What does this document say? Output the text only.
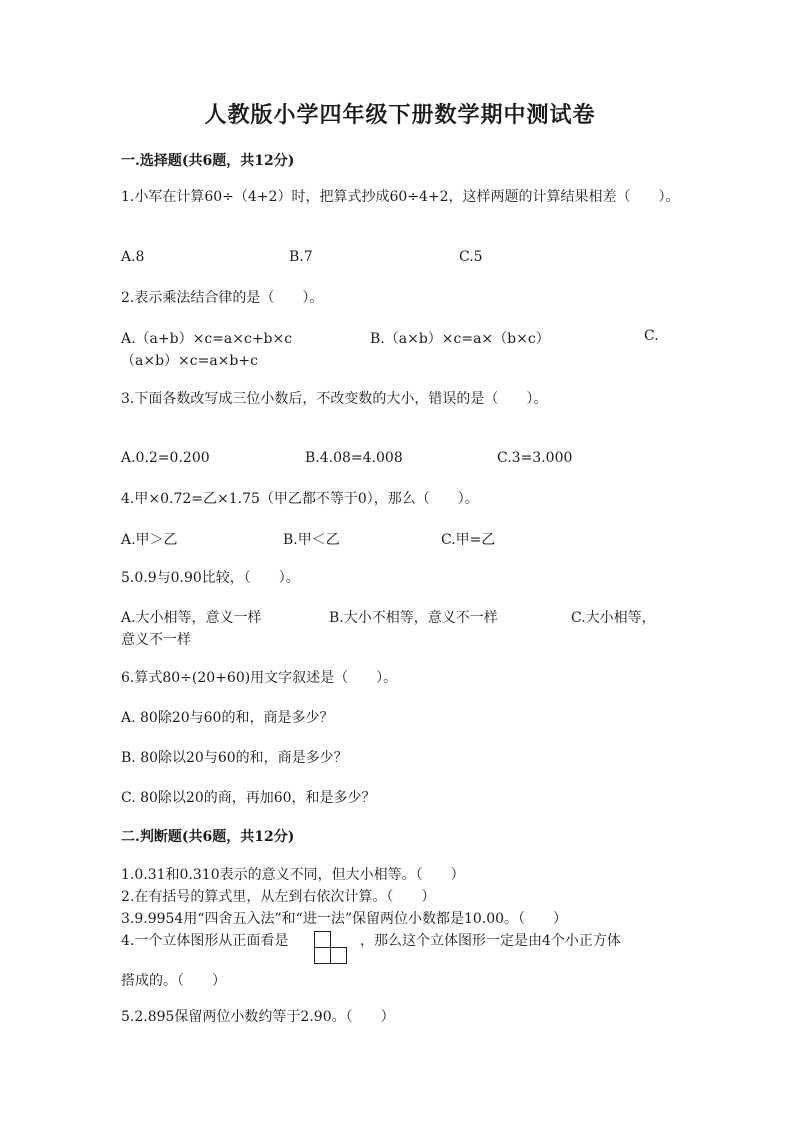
人教版小学四年级下册数学期中测试卷
一.选择题(共6题，共12分)
1.小军在计算60÷（4+2）时，把算式抄成60÷4+2，这样两题的计算结果相差（　　）。
A.8	B.7	C.5
2.表示乘法结合律的是（　　）。
A.（a+b）×c=a×c+b×c	B.（a×b）×c=a×（b×c）	C.
（a×b）×c=a×b+c
3.下面各数改写成三位小数后，不改变数的大小，错误的是（　　）。
A.0.2=0.200	B.4.08=4.008	C.3=3.000
4.甲×0.72=乙×1.75（甲乙都不等于0），那么（　　）。
A.甲＞乙	B.甲＜乙	C.甲=乙
5.0.9与0.90比较，（　　）。
A.大小相等，意义一样	B.大小不相等，意义不一样	C.大小相等，
意义不一样
6.算式80÷(20+60)用文字叙述是（　　）。
A. 80除20与60的和，商是多少？
B. 80除以20与60的和，商是多少？
C. 80除以20的商，再加60，和是多少？
二.判断题(共6题，共12分)
1.0.31和0.310表示的意义不同，但大小相等。（　　）
2.在有括号的算式里，从左到右依次计算。（　　）
3.9.9954用“四舍五入法”和“进一法”保留两位小数都是10.00。（　　）
4.一个立体图形从正面看是	，那么这个立体图形一定是由4个小正方体
搭成的。（　　）
5.2.895保留两位小数约等于2.90。（　　）
